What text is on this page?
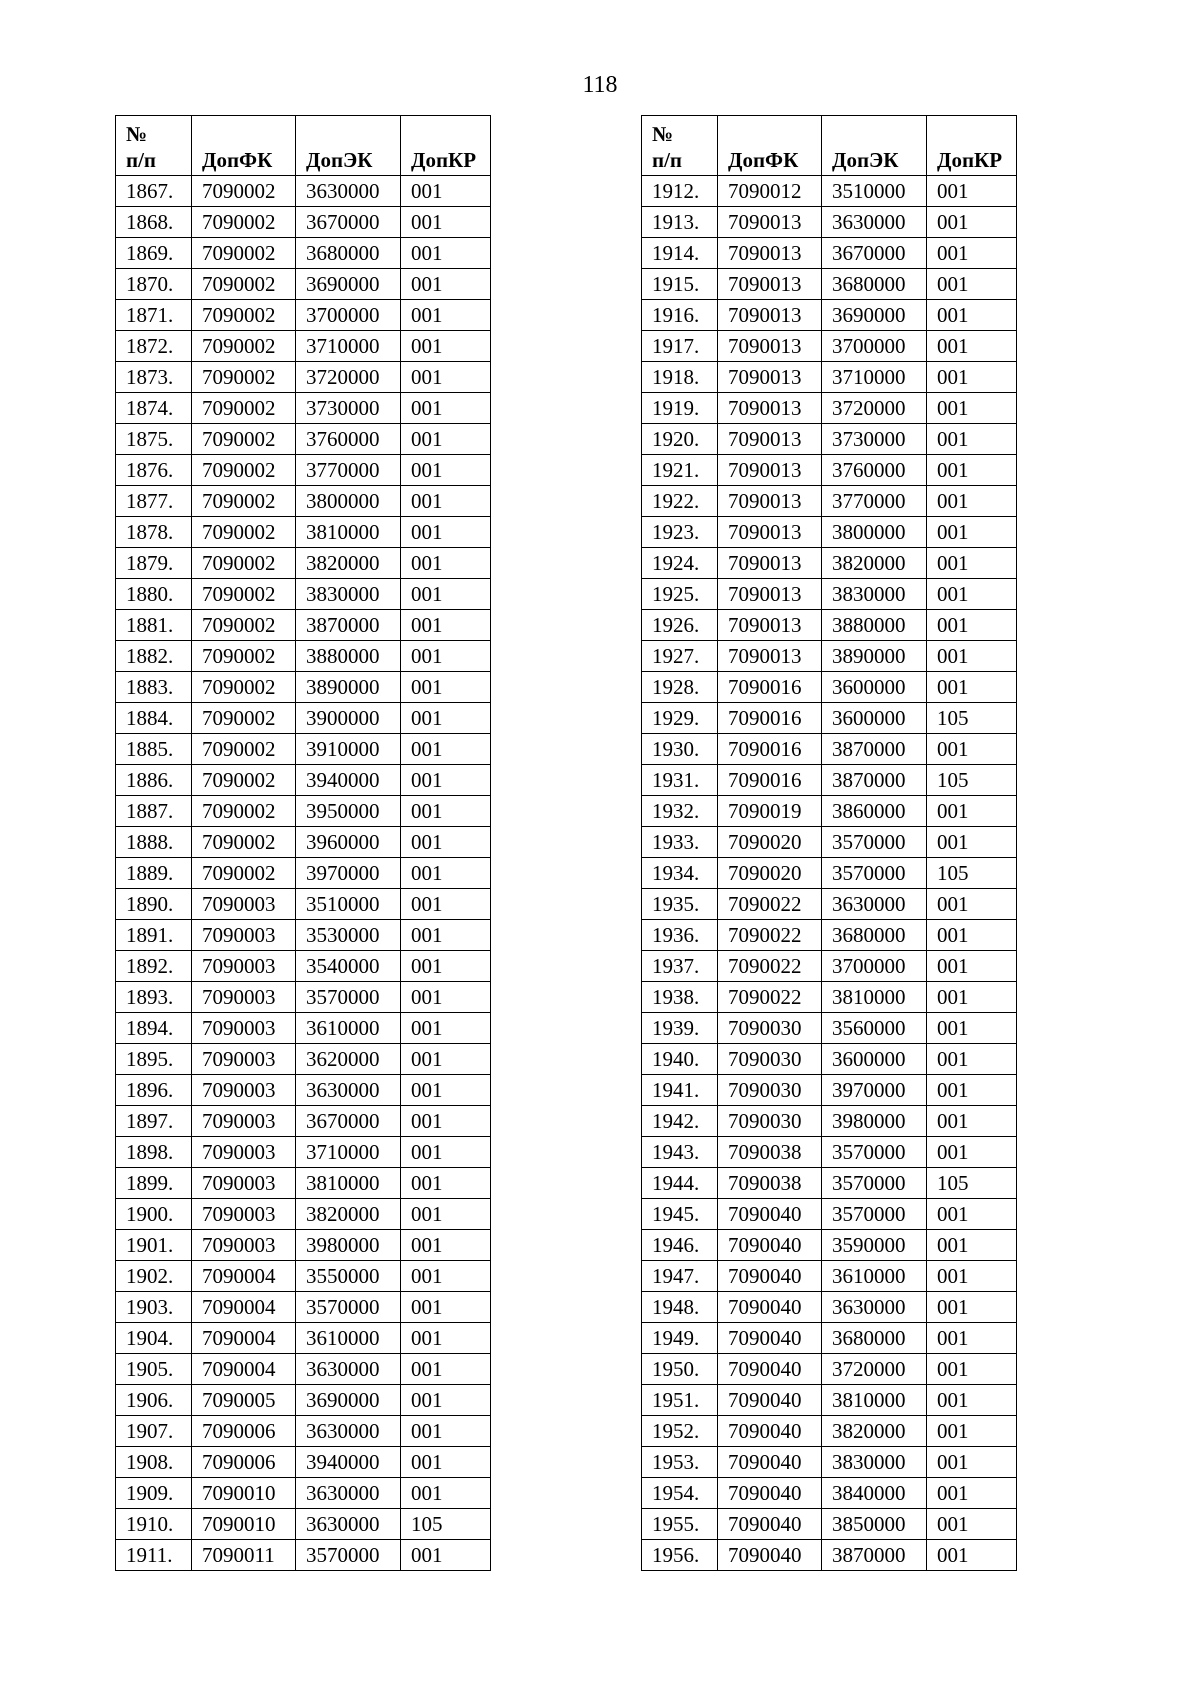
118
№
п/п	ДопФК	ДопЭК	ДопКР
1867.	7090002	3630000	001
1868.	7090002	3670000	001
1869.	7090002	3680000	001
1870.	7090002	3690000	001
1871.	7090002	3700000	001
1872.	7090002	3710000	001
1873.	7090002	3720000	001
1874.	7090002	3730000	001
1875.	7090002	3760000	001
1876.	7090002	3770000	001
1877.	7090002	3800000	001
1878.	7090002	3810000	001
1879.	7090002	3820000	001
1880.	7090002	3830000	001
1881.	7090002	3870000	001
1882.	7090002	3880000	001
1883.	7090002	3890000	001
1884.	7090002	3900000	001
1885.	7090002	3910000	001
1886.	7090002	3940000	001
1887.	7090002	3950000	001
1888.	7090002	3960000	001
1889.	7090002	3970000	001
1890.	7090003	3510000	001
1891.	7090003	3530000	001
1892.	7090003	3540000	001
1893.	7090003	3570000	001
1894.	7090003	3610000	001
1895.	7090003	3620000	001
1896.	7090003	3630000	001
1897.	7090003	3670000	001
1898.	7090003	3710000	001
1899.	7090003	3810000	001
1900.	7090003	3820000	001
1901.	7090003	3980000	001
1902.	7090004	3550000	001
1903.	7090004	3570000	001
1904.	7090004	3610000	001
1905.	7090004	3630000	001
1906.	7090005	3690000	001
1907.	7090006	3630000	001
1908.	7090006	3940000	001
1909.	7090010	3630000	001
1910.	7090010	3630000	105
1911.	7090011	3570000	001
№
п/п	ДопФК	ДопЭК	ДопКР
1912.	7090012	3510000	001
1913.	7090013	3630000	001
1914.	7090013	3670000	001
1915.	7090013	3680000	001
1916.	7090013	3690000	001
1917.	7090013	3700000	001
1918.	7090013	3710000	001
1919.	7090013	3720000	001
1920.	7090013	3730000	001
1921.	7090013	3760000	001
1922.	7090013	3770000	001
1923.	7090013	3800000	001
1924.	7090013	3820000	001
1925.	7090013	3830000	001
1926.	7090013	3880000	001
1927.	7090013	3890000	001
1928.	7090016	3600000	001
1929.	7090016	3600000	105
1930.	7090016	3870000	001
1931.	7090016	3870000	105
1932.	7090019	3860000	001
1933.	7090020	3570000	001
1934.	7090020	3570000	105
1935.	7090022	3630000	001
1936.	7090022	3680000	001
1937.	7090022	3700000	001
1938.	7090022	3810000	001
1939.	7090030	3560000	001
1940.	7090030	3600000	001
1941.	7090030	3970000	001
1942.	7090030	3980000	001
1943.	7090038	3570000	001
1944.	7090038	3570000	105
1945.	7090040	3570000	001
1946.	7090040	3590000	001
1947.	7090040	3610000	001
1948.	7090040	3630000	001
1949.	7090040	3680000	001
1950.	7090040	3720000	001
1951.	7090040	3810000	001
1952.	7090040	3820000	001
1953.	7090040	3830000	001
1954.	7090040	3840000	001
1955.	7090040	3850000	001
1956.	7090040	3870000	001
